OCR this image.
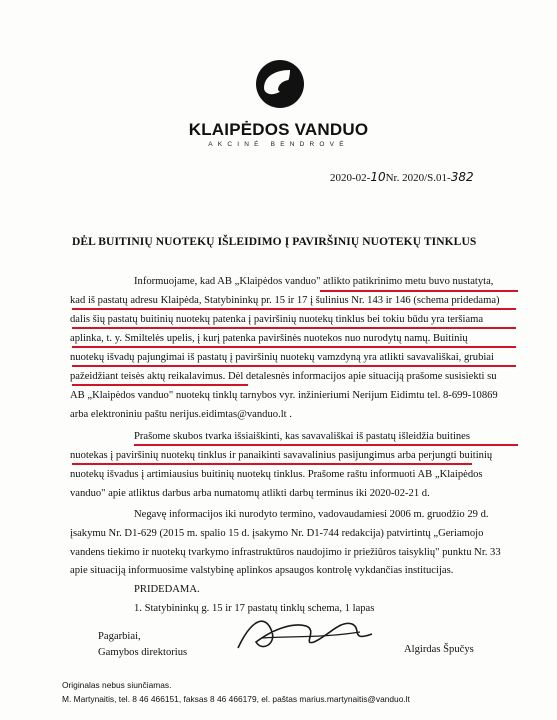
KLAIPĖDOS VANDUO
AKCINĖ BENDROVĖ
2020-02-10Nr. 2020/S.01-382
DĖL BUITINIŲ NUOTEKŲ IŠLEIDIMO Į PAVIRŠINIŲ NUOTEKŲ TINKLUS
Informuojame, kad AB „Klaipėdos vanduo" atlikto patikrinimo metu buvo nustatyta,
kad iš pastatų adresu Klaipėda, Statybininkų pr. 15 ir 17 į šulinius Nr. 143 ir 146 (schema pridedama)
dalis šių pastatų buitinių nuotekų patenka į paviršinių nuotekų tinklus bei tokiu būdu yra teršiama
aplinka, t. y. Smiltelės upelis, į kurį patenka paviršinės nuotekos nuo nurodytų namų. Buitinių
nuotekų išvadų pajungimai iš pastatų į paviršinių nuotekų vamzdyną yra atlikti savavališkai, grubiai
pažeidžiant teisės aktų reikalavimus. Dėl detalesnės informacijos apie situaciją prašome susisiekti su
AB „Klaipėdos vanduo" nuotekų tinklų tarnybos vyr. inžinieriumi Nerijum Eidimtu tel. 8-699-10869
arba elektroniniu paštu nerijus.eidimtas@vanduo.lt .
Prašome skubos tvarka išsiaiškinti, kas savavališkai iš pastatų išleidžia buitines
nuotekas į paviršinių nuotekų tinklus ir panaikinti savavalinius pasijungimus arba perjungti buitinių
nuotekų išvadus į artimiausius buitinių nuotekų tinklus. Prašome raštu informuoti AB „Klaipėdos
vanduo" apie atliktus darbus arba numatomų atlikti darbų terminus iki 2020-02-21 d.
Negavę informacijos iki nurodyto termino, vadovaudamiesi 2006 m. gruodžio 29 d.
įsakymu Nr. D1-629 (2015 m. spalio 15 d. įsakymo Nr. D1-744 redakcija) patvirtintų „Geriamojo
vandens tiekimo ir nuotekų tvarkymo infrastruktūros naudojimo ir priežiūros taisyklių" punktu Nr. 33
apie situaciją informuosime valstybinę aplinkos apsaugos kontrolę vykdančias institucijas.
PRIDEDAMA.
1. Statybininkų g. 15 ir 17 pastatų tinklų schema, 1 lapas
Pagarbiai,
Gamybos direktorius	Algirdas Špučys
Originalas nebus siunčiamas.
M. Martynaitis, tel. 8 46 466151, faksas 8 46 466179, el. paštas marius.martynaitis@vanduo.lt
